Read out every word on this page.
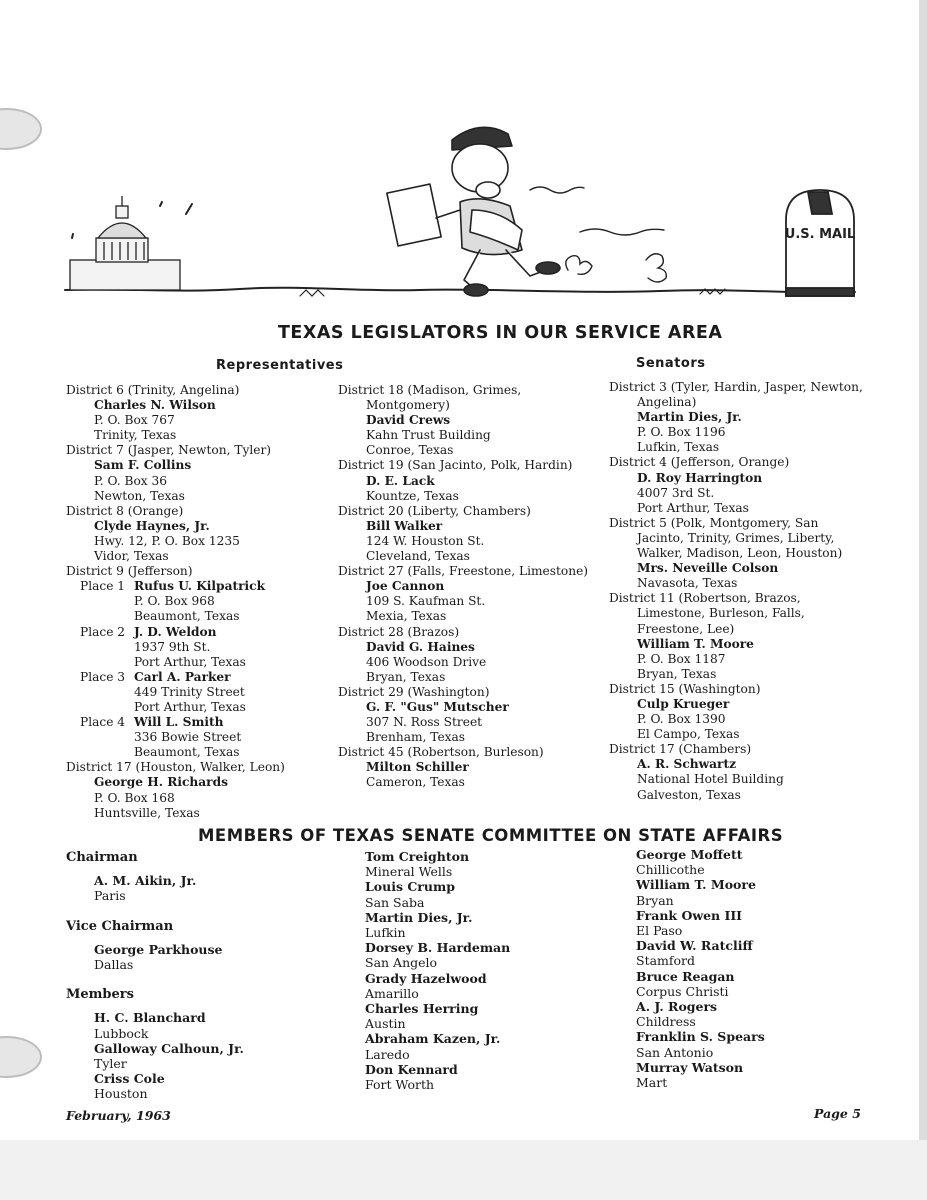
U.S. MAIL
TEXAS LEGISLATORS IN OUR SERVICE AREA
Representatives	Senators
District 6 (Trinity, Angelina)
Charles N. Wilson
P. O. Box 767
Trinity, Texas
District 7 (Jasper, Newton, Tyler)
Sam F. Collins
P. O. Box 36
Newton, Texas
District 8 (Orange)
Clyde Haynes, Jr.
Hwy. 12, P. O. Box 1235
Vidor, Texas
District 9 (Jefferson)
Place 1 Rufus U. Kilpatrick
P. O. Box 968
Beaumont, Texas
Place 2 J. D. Weldon
1937 9th St.
Port Arthur, Texas
Place 3 Carl A. Parker
449 Trinity Street
Port Arthur, Texas
Place 4 Will L. Smith
336 Bowie Street
Beaumont, Texas
District 17 (Houston, Walker, Leon)
George H. Richards
P. O. Box 168
Huntsville, Texas
District 18 (Madison, Grimes, Montgomery)
David Crews
Kahn Trust Building
Conroe, Texas
District 19 (San Jacinto, Polk, Hardin)
D. E. Lack
Kountze, Texas
District 20 (Liberty, Chambers)
Bill Walker
124 W. Houston St.
Cleveland, Texas
District 27 (Falls, Freestone, Limestone)
Joe Cannon
109 S. Kaufman St.
Mexia, Texas
District 28 (Brazos)
David G. Haines
406 Woodson Drive
Bryan, Texas
District 29 (Washington)
G. F. "Gus" Mutscher
307 N. Ross Street
Brenham, Texas
District 45 (Robertson, Burleson)
Milton Schiller
Cameron, Texas
District 3 (Tyler, Hardin, Jasper, Newton, Angelina)
Martin Dies, Jr.
P. O. Box 1196
Lufkin, Texas
District 4 (Jefferson, Orange)
D. Roy Harrington
4007 3rd St.
Port Arthur, Texas
District 5 (Polk, Montgomery, San Jacinto, Trinity, Grimes, Liberty, Walker, Madison, Leon, Houston)
Mrs. Neveille Colson
Navasota, Texas
District 11 (Robertson, Brazos, Limestone, Burleson, Falls, Freestone, Lee)
William T. Moore
P. O. Box 1187
Bryan, Texas
District 15 (Washington)
Culp Krueger
P. O. Box 1390
El Campo, Texas
District 17 (Chambers)
A. R. Schwartz
National Hotel Building
Galveston, Texas
MEMBERS OF TEXAS SENATE COMMITTEE ON STATE AFFAIRS
Chairman
A. M. Aikin, Jr.
Paris
Vice Chairman
George Parkhouse
Dallas
Members
H. C. Blanchard
Lubbock
Galloway Calhoun, Jr.
Tyler
Criss Cole
Houston
Tom Creighton
Mineral Wells
Louis Crump
San Saba
Martin Dies, Jr.
Lufkin
Dorsey B. Hardeman
San Angelo
Grady Hazelwood
Amarillo
Charles Herring
Austin
Abraham Kazen, Jr.
Laredo
Don Kennard
Fort Worth
George Moffett
Chillicothe
William T. Moore
Bryan
Frank Owen III
El Paso
David W. Ratcliff
Stamford
Bruce Reagan
Corpus Christi
A. J. Rogers
Childress
Franklin S. Spears
San Antonio
Murray Watson
Mart
February, 1963	Page 5
